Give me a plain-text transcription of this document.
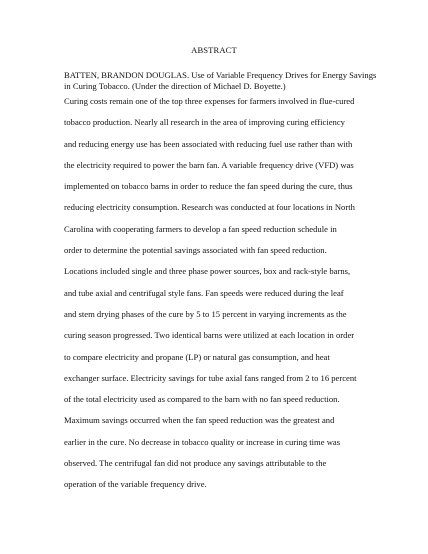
ABSTRACT
BATTEN, BRANDON DOUGLAS. Use of Variable Frequency Drives for Energy Savings in Curing Tobacco. (Under the direction of Michael D. Boyette.)
Curing costs remain one of the top three expenses for farmers involved in flue-cured
tobacco production. Nearly all research in the area of improving curing efficiency
and reducing energy use has been associated with reducing fuel use rather than with
the electricity required to power the barn fan. A variable frequency drive (VFD) was
implemented on tobacco barns in order to reduce the fan speed during the cure, thus
reducing electricity consumption. Research was conducted at four locations in North
Carolina with cooperating farmers to develop a fan speed reduction schedule in
order to determine the potential savings associated with fan speed reduction.
Locations included single and three phase power sources, box and rack-style barns,
and tube axial and centrifugal style fans. Fan speeds were reduced during the leaf
and stem drying phases of the cure by 5 to 15 percent in varying increments as the
curing season progressed. Two identical barns were utilized at each location in order
to compare electricity and propane (LP) or natural gas consumption, and heat
exchanger surface. Electricity savings for tube axial fans ranged from 2 to 16 percent
of the total electricity used as compared to the barn with no fan speed reduction.
Maximum savings occurred when the fan speed reduction was the greatest and
earlier in the cure. No decrease in tobacco quality or increase in curing time was
observed. The centrifugal fan did not produce any savings attributable to the
operation of the variable frequency drive.
